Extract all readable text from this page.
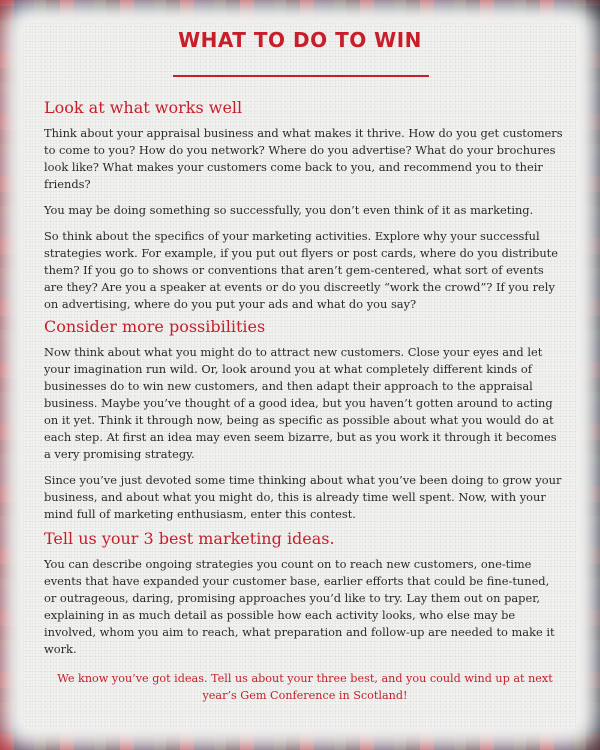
WHAT TO DO TO WIN
Look at what works well

Think about your appraisal business and what makes it thrive. How do you get customers to come to you? How do you network? Where do you advertise? What do your brochures look like? What makes your customers come back to you, and recommend you to their friends?

You may be doing something so successfully, you don’t even think of it as marketing.

So think about the specifics of your marketing activities. Explore why your successful strategies work. For example, if you put out flyers or post cards, where do you distribute them? If you go to shows or conventions that aren’t gem-centered, what sort of events are they? Are you a speaker at events or do you discreetly “work the crowd”? If you rely on advertising, where do you put your ads and what do you say?

Consider more possibilities

Now think about what you might do to attract new customers. Close your eyes and let your imagination run wild. Or, look around you at what completely different kinds of businesses do to win new customers, and then adapt their approach to the appraisal business. Maybe you’ve thought of a good idea, but you haven’t gotten around to acting on it yet. Think it through now, being as specific as possible about what you would do at each step. At first an idea may even seem bizarre, but as you work it through it becomes a very promising strategy.

Since you’ve just devoted some time thinking about what you’ve been doing to grow your business, and about what you might do, this is already time well spent. Now, with your mind full of marketing enthusiasm, enter this contest.

Tell us your 3 best marketing ideas.

You can describe ongoing strategies you count on to reach new customers, one-time events that have expanded your customer base, earlier efforts that could be fine-tuned, or outrageous, daring, promising approaches you’d like to try. Lay them out on paper, explaining in as much detail as possible how each activity looks, who else may be involved, whom you aim to reach, what preparation and follow-up are needed to make it work.

We know you’ve got ideas. Tell us about your three best, and you could wind up at next year’s Gem Conference in Scotland!
